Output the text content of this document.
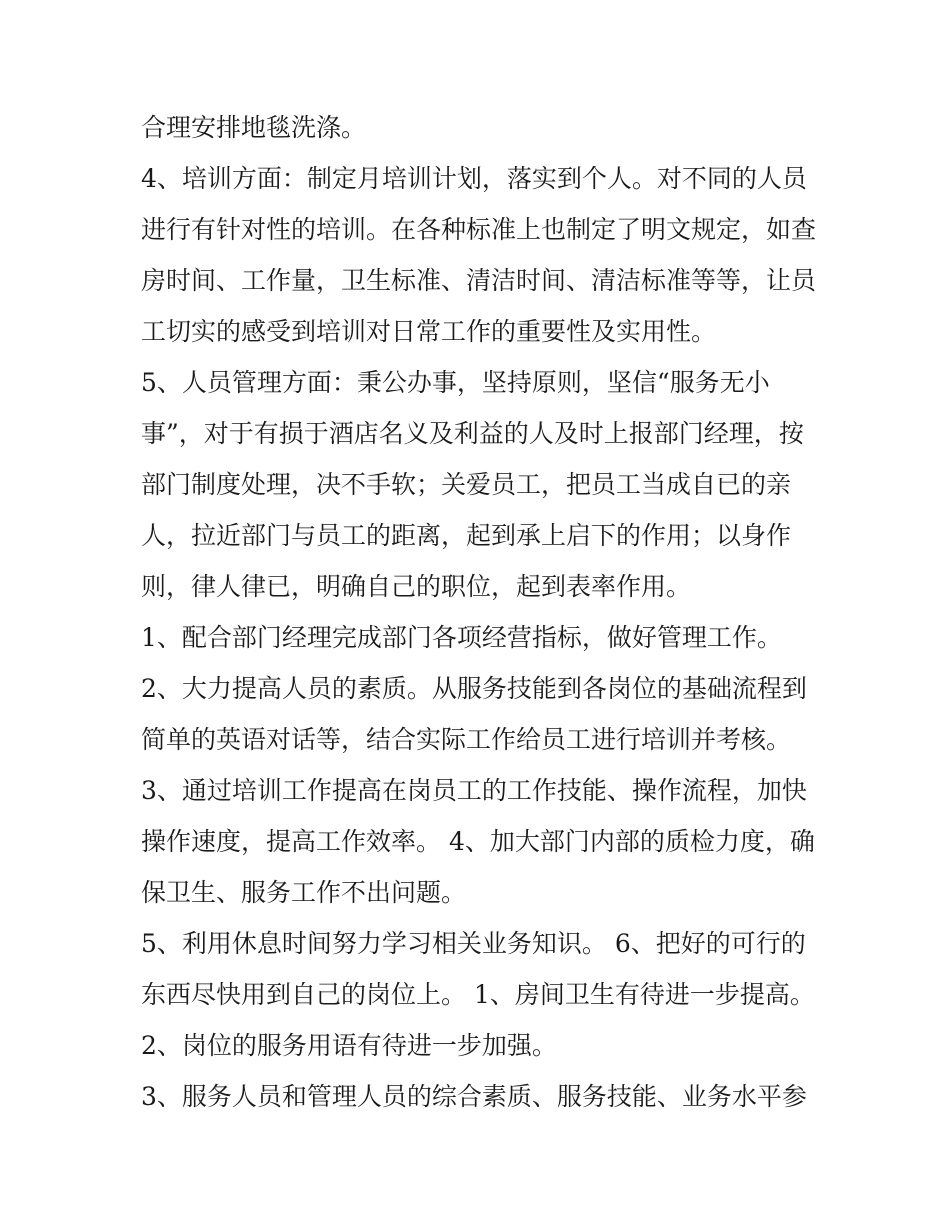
合理安排地毯洗涤。
4、培训方面：制定月培训计划，落实到个人。对不同的人员
进行有针对性的培训。在各种标准上也制定了明文规定，如查
房时间、工作量，卫生标准、清洁时间、清洁标准等等，让员
工切实的感受到培训对日常工作的重要性及实用性。
5、人员管理方面：秉公办事，坚持原则，坚信“服务无小
事”，对于有损于酒店名义及利益的人及时上报部门经理，按
部门制度处理，决不手软；关爱员工，把员工当成自已的亲
人，拉近部门与员工的距离，起到承上启下的作用；以身作
则，律人律已，明确自己的职位，起到表率作用。
1、配合部门经理完成部门各项经营指标，做好管理工作。
2、大力提高人员的素质。从服务技能到各岗位的基础流程到
简单的英语对话等，结合实际工作给员工进行培训并考核。
3、通过培训工作提高在岗员工的工作技能、操作流程，加快
操作速度，提高工作效率。 4、加大部门内部的质检力度，确
保卫生、服务工作不出问题。
5、利用休息时间努力学习相关业务知识。 6、把好的可行的
东西尽快用到自己的岗位上。 1、房间卫生有待进一步提高。
2、岗位的服务用语有待进一步加强。
3、服务人员和管理人员的综合素质、服务技能、业务水平参
